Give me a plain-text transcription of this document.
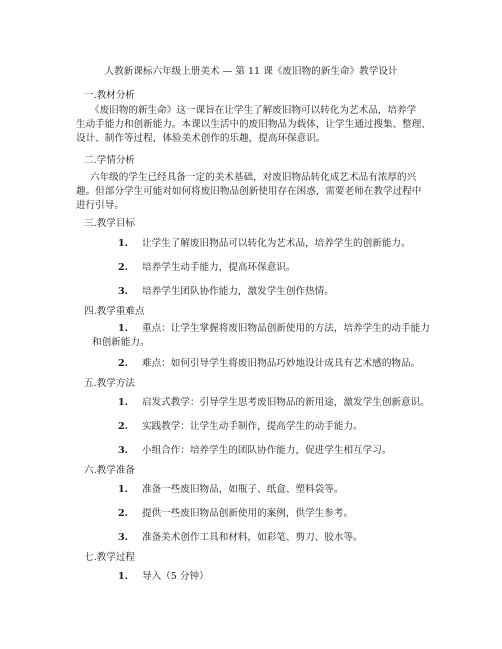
人教新课标六年级上册美术 — 第 11 课《废旧物的新生命》教学设计
一.教材分析
《废旧物的新生命》这一课旨在让学生了解废旧物可以转化为艺术品，培养学
生动手能力和创新能力。本课以生活中的废旧物品为载体，让学生通过搜集、整理、
设计、制作等过程，体验美术创作的乐趣，提高环保意识。
二.学情分析
六年级的学生已经具备一定的美术基础，对废旧物品转化成艺术品有浓厚的兴
趣。但部分学生可能对如何将废旧物品创新使用存在困惑，需要老师在教学过程中
进行引导。
三.教学目标
1. 让学生了解废旧物品可以转化为艺术品，培养学生的创新能力。
2. 培养学生动手能力，提高环保意识。
3. 培养学生团队协作能力，激发学生创作热情。
四.教学重难点
1. 重点：让学生掌握将废旧物品创新使用的方法，培养学生的动手能力
和创新能力。
2. 难点：如何引导学生将废旧物品巧妙地设计成具有艺术感的物品。
五.教学方法
1. 启发式教学：引导学生思考废旧物品的新用途，激发学生创新意识。
2. 实践教学：让学生动手制作，提高学生的动手能力。
3. 小组合作：培养学生的团队协作能力，促进学生相互学习。
六.教学准备
1. 准备一些废旧物品，如瓶子、纸盒、塑料袋等。
2. 提供一些废旧物品创新使用的案例，供学生参考。
3. 准备美术创作工具和材料，如彩笔、剪刀、胶水等。
七.教学过程
1. 导入（5 分钟）
